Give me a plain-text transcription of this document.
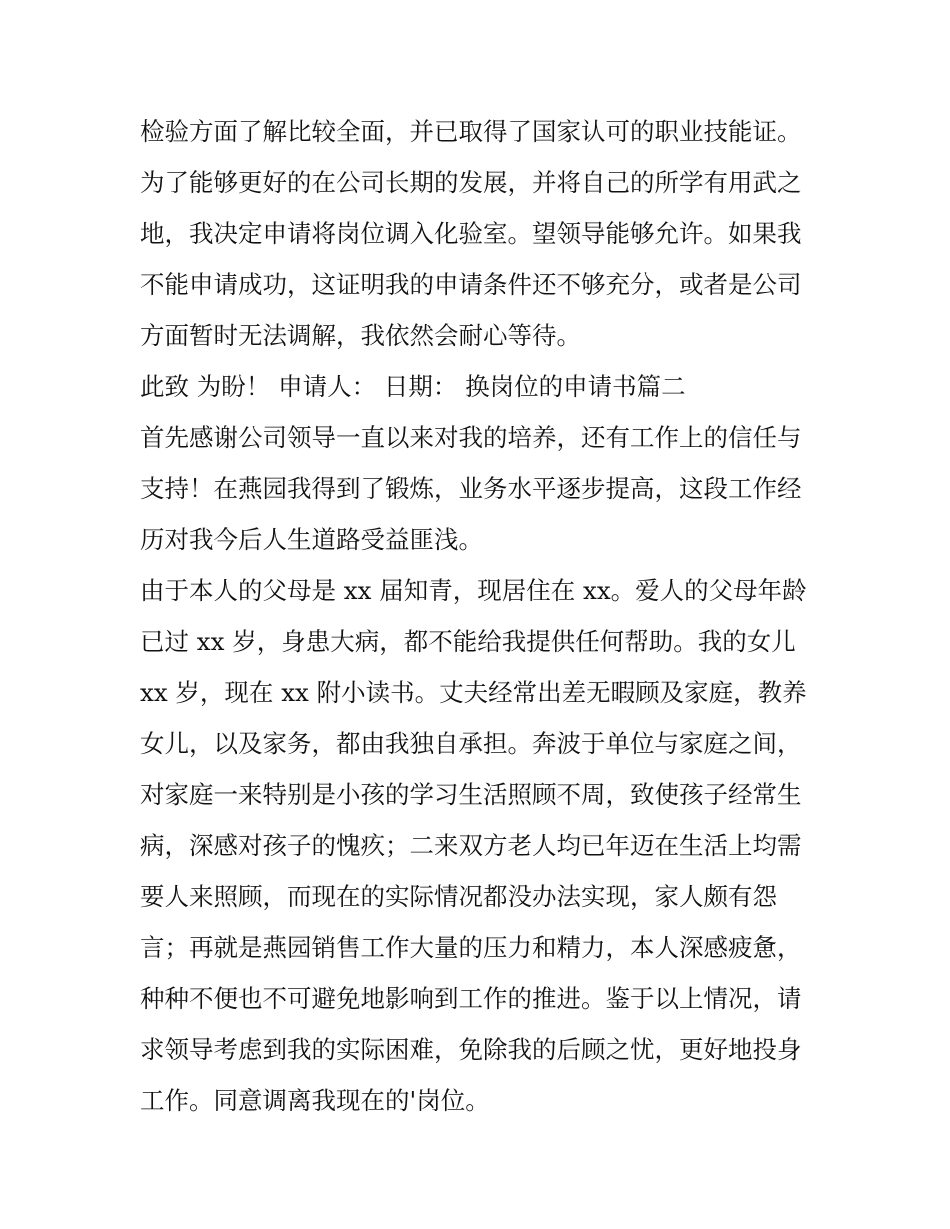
检验方面了解比较全面，并已取得了国家认可的职业技能证。
为了能够更好的在公司长期的发展，并将自己的所学有用武之
地，我决定申请将岗位调入化验室。望领导能够允许。如果我
不能申请成功，这证明我的申请条件还不够充分，或者是公司
方面暂时无法调解，我依然会耐心等待。
此致 为盼！ 申请人： 日期： 换岗位的申请书篇二
首先感谢公司领导一直以来对我的培养，还有工作上的信任与
支持！在燕园我得到了锻炼，业务水平逐步提高，这段工作经
历对我今后人生道路受益匪浅。
由于本人的父母是 xx 届知青，现居住在 xx。爱人的父母年龄
已过 xx 岁，身患大病，都不能给我提供任何帮助。我的女儿
xx 岁，现在 xx 附小读书。丈夫经常出差无暇顾及家庭，教养
女儿，以及家务，都由我独自承担。奔波于单位与家庭之间，
对家庭一来特别是小孩的学习生活照顾不周，致使孩子经常生
病，深感对孩子的愧疚；二来双方老人均已年迈在生活上均需
要人来照顾，而现在的实际情况都没办法实现，家人颇有怨
言；再就是燕园销售工作大量的压力和精力，本人深感疲惫，
种种不便也不可避免地影响到工作的推进。鉴于以上情况，请
求领导考虑到我的实际困难，免除我的后顾之忧，更好地投身
工作。同意调离我现在的'岗位。
